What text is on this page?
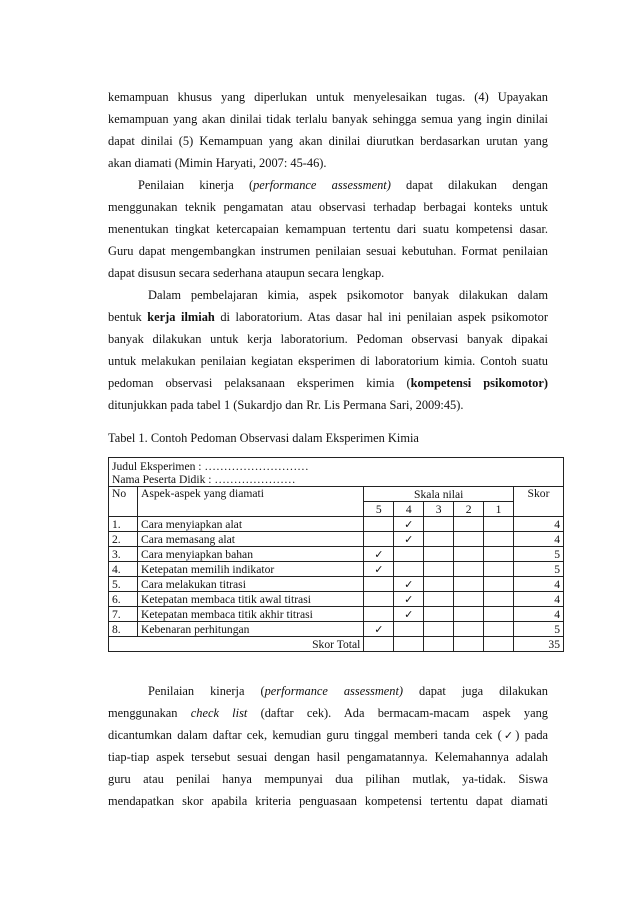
kemampuan khusus yang diperlukan untuk menyelesaikan tugas. (4) Upayakan
kemampuan yang akan dinilai tidak terlalu banyak sehingga semua yang ingin dinilai
dapat dinilai (5) Kemampuan yang akan dinilai diurutkan berdasarkan urutan yang
akan diamati (Mimin Haryati, 2007: 45-46).
Penilaian kinerja (performance assessment) dapat dilakukan dengan
menggunakan teknik pengamatan atau observasi terhadap berbagai konteks untuk
menentukan tingkat ketercapaian kemampuan tertentu dari suatu kompetensi dasar.
Guru dapat mengembangkan instrumen penilaian sesuai kebutuhan. Format penilaian
dapat disusun secara sederhana ataupun secara lengkap.
Dalam pembelajaran kimia, aspek psikomotor banyak dilakukan dalam
bentuk kerja ilmiah di laboratorium. Atas dasar hal ini penilaian aspek psikomotor
banyak dilakukan untuk kerja laboratorium. Pedoman observasi banyak dipakai
untuk melakukan penilaian kegiatan eksperimen di laboratorium kimia. Contoh suatu
pedoman observasi pelaksanaan eksperimen kimia (kompetensi psikomotor)
ditunjukkan pada tabel 1 (Sukardjo dan Rr. Lis Permana Sari, 2009:45).
Tabel 1. Contoh Pedoman Observasi dalam Eksperimen Kimia
Judul Eksperimen : ………………………
Nama Peserta Didik : …………………							

No	Aspek-aspek yang diamati	Skala nilai					Skor
		5	4	3	2	1	
1.	Cara menyiapkan alat		✓				4
2.	Cara memasang alat		✓				4
3.	Cara menyiapkan bahan	✓					5
4.	Ketepatan memilih indikator	✓					5
5.	Cara melakukan titrasi		✓				4
6.	Ketepatan membaca titik awal titrasi		✓				4
7.	Ketepatan membaca titik akhir titrasi		✓				4
8.	Kebenaran perhitungan	✓					5
Skor Total							35
Penilaian kinerja (performance assessment) dapat juga dilakukan
menggunakan check list (daftar cek). Ada bermacam-macam aspek yang
dicantumkan dalam daftar cek, kemudian guru tinggal memberi tanda cek (✓) pada
tiap-tiap aspek tersebut sesuai dengan hasil pengamatannya. Kelemahannya adalah
guru atau penilai hanya mempunyai dua pilihan mutlak, ya-tidak. Siswa
mendapatkan skor apabila kriteria penguasaan kompetensi tertentu dapat diamati
